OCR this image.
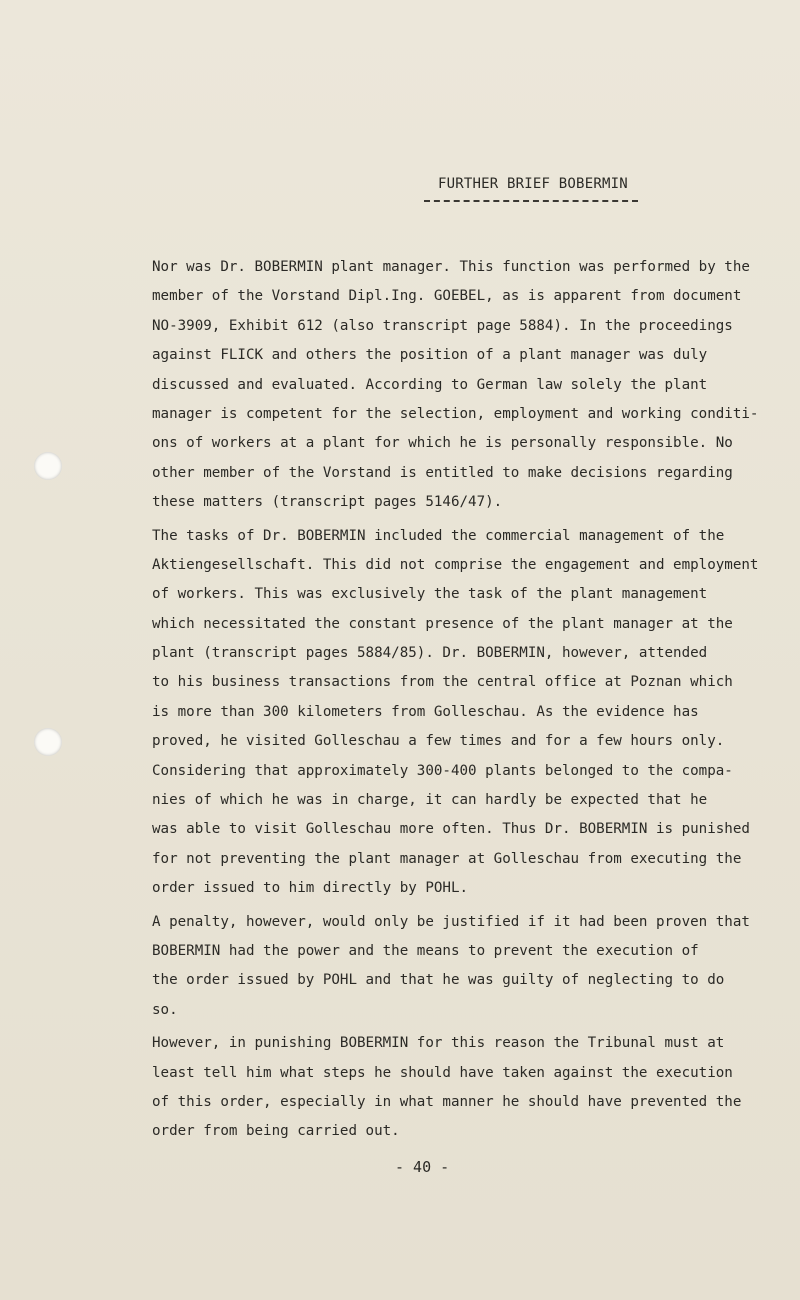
FURTHER BRIEF BOBERMIN
Nor was Dr. BOBERMIN plant manager. This function was performed by the
member of the Vorstand Dipl.Ing. GOEBEL, as is apparent from document
NO-3909, Exhibit 612 (also transcript page 5884). In the proceedings
against FLICK and others the position of a plant manager was duly
discussed and evaluated. According to German law solely the plant
manager is competent for the selection, employment and working conditi-
ons of workers at a plant for which he is personally responsible. No
other member of the Vorstand is entitled to make decisions regarding
these matters (transcript pages 5146/47).
The tasks of Dr. BOBERMIN included the commercial management of the
Aktiengesellschaft. This did not comprise the engagement and employment
of workers. This was exclusively the task of the plant management
which necessitated the constant presence of the plant manager at the
plant (transcript pages 5884/85). Dr. BOBERMIN, however, attended
to his business transactions from the central office at Poznan which
is more than 300 kilometers from Golleschau. As the evidence has
proved, he visited Golleschau a few times and for a few hours only.
Considering that approximately 300-400 plants belonged to the compa-
nies of which he was in charge, it can hardly be expected that he
was able to visit Golleschau more often. Thus Dr. BOBERMIN is punished
for not preventing the plant manager at Golleschau from executing the
order issued to him directly by POHL.
A penalty, however, would only be justified if it had been proven that
BOBERMIN had the power and the means to prevent the execution of
the order issued by POHL and that he was guilty of neglecting to do
so.
However, in punishing BOBERMIN for this reason the Tribunal must at
least tell him what steps he should have taken against the execution
of this order, especially in what manner he should have prevented the
order from being carried out.
- 40 -
